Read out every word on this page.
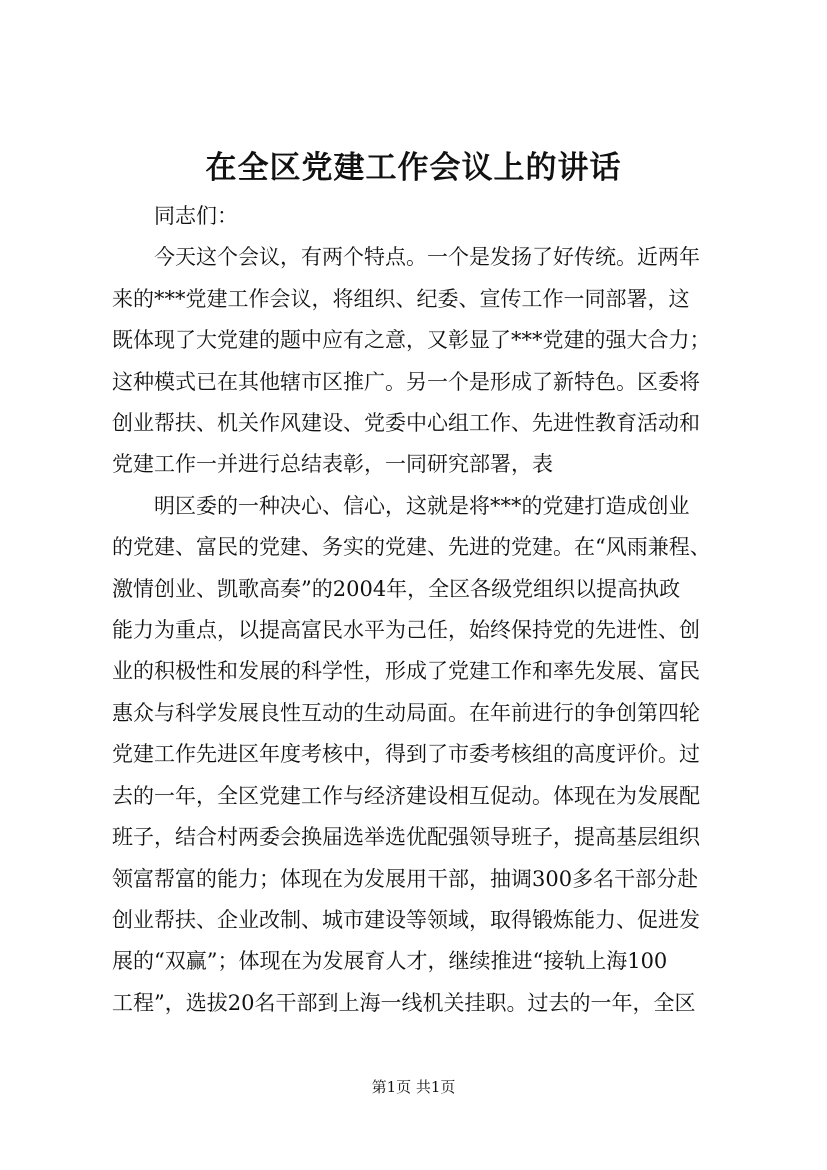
在全区党建工作会议上的讲话

同志们：

今天这个会议，有两个特点。一个是发扬了好传统。近两年
来的***党建工作会议，将组织、纪委、宣传工作一同部署，这
既体现了大党建的题中应有之意，又彰显了***党建的强大合力；
这种模式已在其他辖市区推广。另一个是形成了新特色。区委将
创业帮扶、机关作风建设、党委中心组工作、先进性教育活动和
党建工作一并进行总结表彰，一同研究部署，表

明区委的一种决心、信心，这就是将***的党建打造成创业
的党建、富民的党建、务实的党建、先进的党建。在“风雨兼程、
激情创业、凯歌高奏”的2004年，全区各级党组织以提高执政
能力为重点，以提高富民水平为己任，始终保持党的先进性、创
业的积极性和发展的科学性，形成了党建工作和率先发展、富民
惠众与科学发展良性互动的生动局面。在年前进行的争创第四轮
党建工作先进区年度考核中，得到了市委考核组的高度评价。过
去的一年，全区党建工作与经济建设相互促动。体现在为发展配
班子，结合村两委会换届选举选优配强领导班子，提高基层组织
领富帮富的能力；体现在为发展用干部，抽调300多名干部分赴
创业帮扶、企业改制、城市建设等领域，取得锻炼能力、促进发
展的“双赢”；体现在为发展育人才，继续推进“接轨上海100
工程”，选拔20名干部到上海一线机关挂职。过去的一年，全区

第1页 共1页
